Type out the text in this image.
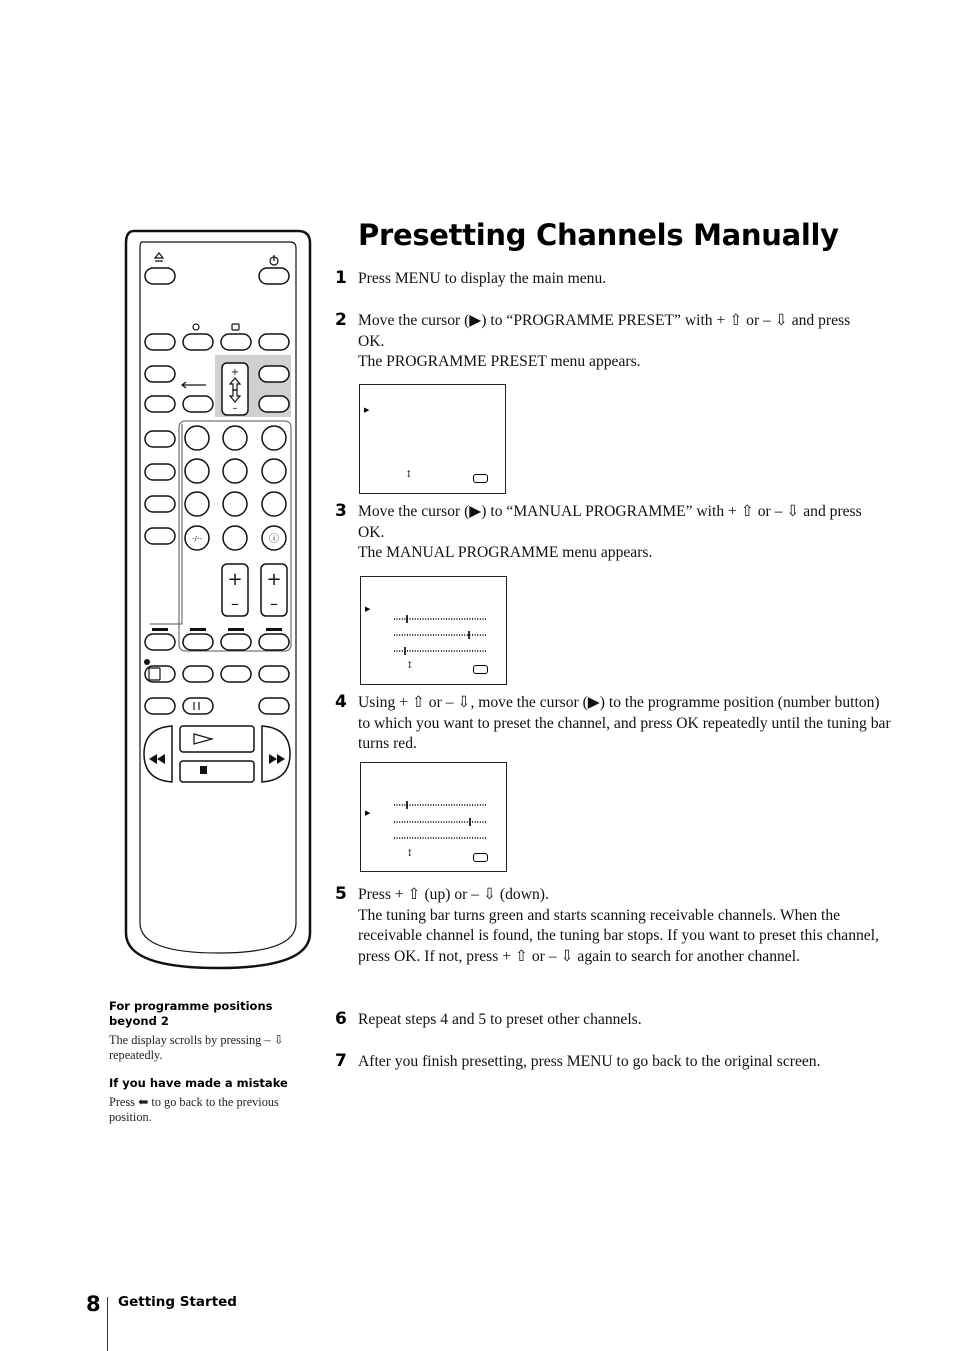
Presetting Channels Manually
1 Press MENU to display the main menu.

2 Move the cursor (▶) to “PROGRAMME PRESET” with + ⇧ or – ⇩ and press OK.

The PROGRAMME PRESET menu appears.

▶
↕
3 Move the cursor (▶) to “MANUAL PROGRAMME” with + ⇧ or – ⇩ and press OK.

The MANUAL PROGRAMME menu appears.

▶
↕
4 Using + ⇧ or – ⇩, move the cursor (▶) to the programme position (number button) to which you want to preset the channel, and press OK repeatedly until the tuning bar turns red.

▶
↕
5 Press + ⇧ (up) or – ⇩ (down).

The tuning bar turns green and starts scanning receivable channels. When the receivable channel is found, the tuning bar stops. If you want to preset this channel, press OK. If not, press + ⇧ or – ⇩ again to search for another channel.

6 Repeat steps 4 and 5 to preset other channels.

7 After you finish presetting, press MENU to go back to the original screen.

+
–
+
–
+
–
-/--	ⓘ
For programme positions beyond 2
The display scrolls by pressing – ⇩ repeatedly.
If you have made a mistake
Press ⬅ to go back to the previous position.
8 Getting Started
